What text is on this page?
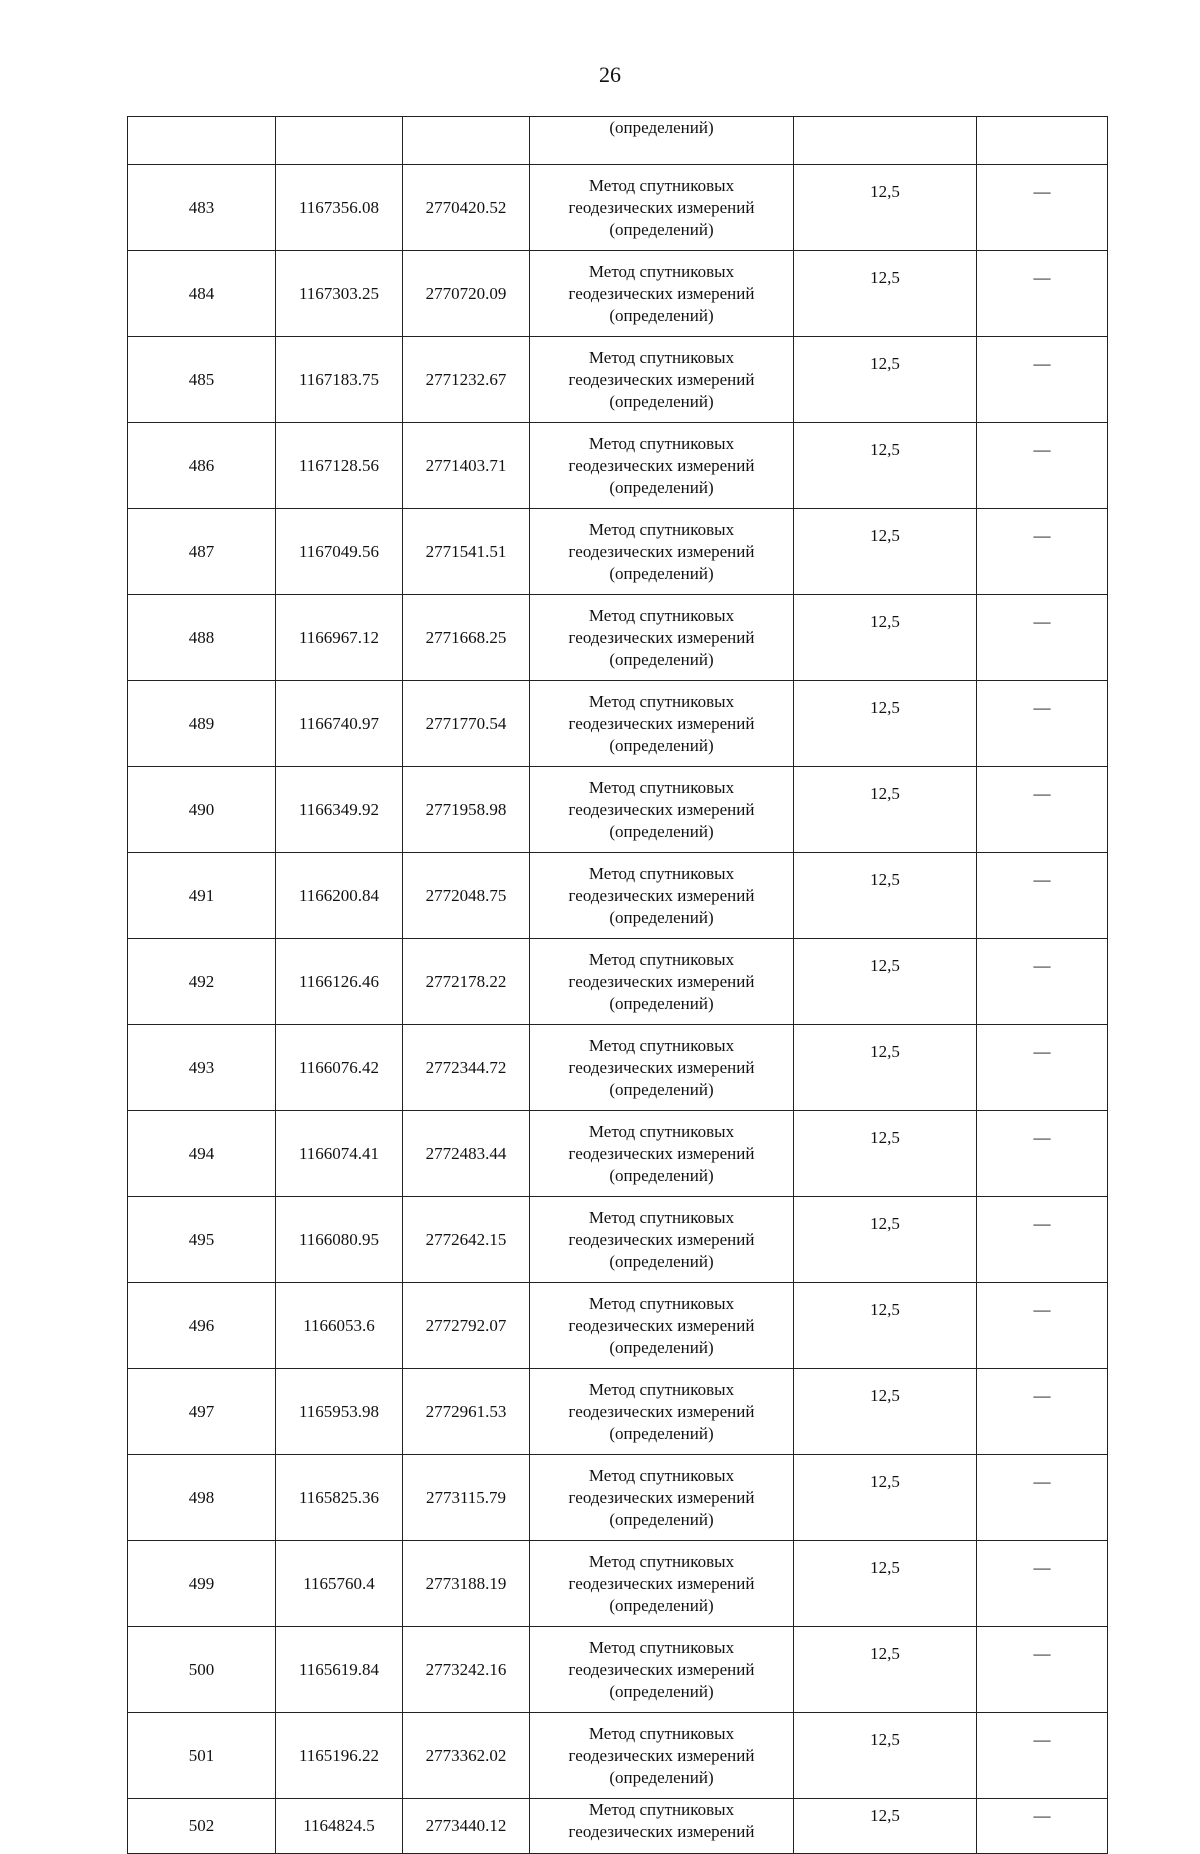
26
			(определений)		
483	1167356.08	2770420.52	Метод спутниковых
геодезических измерений
(определений)	12,5	—
484	1167303.25	2770720.09	Метод спутниковых
геодезических измерений
(определений)	12,5	—
485	1167183.75	2771232.67	Метод спутниковых
геодезических измерений
(определений)	12,5	—
486	1167128.56	2771403.71	Метод спутниковых
геодезических измерений
(определений)	12,5	—
487	1167049.56	2771541.51	Метод спутниковых
геодезических измерений
(определений)	12,5	—
488	1166967.12	2771668.25	Метод спутниковых
геодезических измерений
(определений)	12,5	—
489	1166740.97	2771770.54	Метод спутниковых
геодезических измерений
(определений)	12,5	—
490	1166349.92	2771958.98	Метод спутниковых
геодезических измерений
(определений)	12,5	—
491	1166200.84	2772048.75	Метод спутниковых
геодезических измерений
(определений)	12,5	—
492	1166126.46	2772178.22	Метод спутниковых
геодезических измерений
(определений)	12,5	—
493	1166076.42	2772344.72	Метод спутниковых
геодезических измерений
(определений)	12,5	—
494	1166074.41	2772483.44	Метод спутниковых
геодезических измерений
(определений)	12,5	—
495	1166080.95	2772642.15	Метод спутниковых
геодезических измерений
(определений)	12,5	—
496	1166053.6	2772792.07	Метод спутниковых
геодезических измерений
(определений)	12,5	—
497	1165953.98	2772961.53	Метод спутниковых
геодезических измерений
(определений)	12,5	—
498	1165825.36	2773115.79	Метод спутниковых
геодезических измерений
(определений)	12,5	—
499	1165760.4	2773188.19	Метод спутниковых
геодезических измерений
(определений)	12,5	—
500	1165619.84	2773242.16	Метод спутниковых
геодезических измерений
(определений)	12,5	—
501	1165196.22	2773362.02	Метод спутниковых
геодезических измерений
(определений)	12,5	—
502	1164824.5	2773440.12	Метод спутниковых
геодезических измерений	12,5	—
